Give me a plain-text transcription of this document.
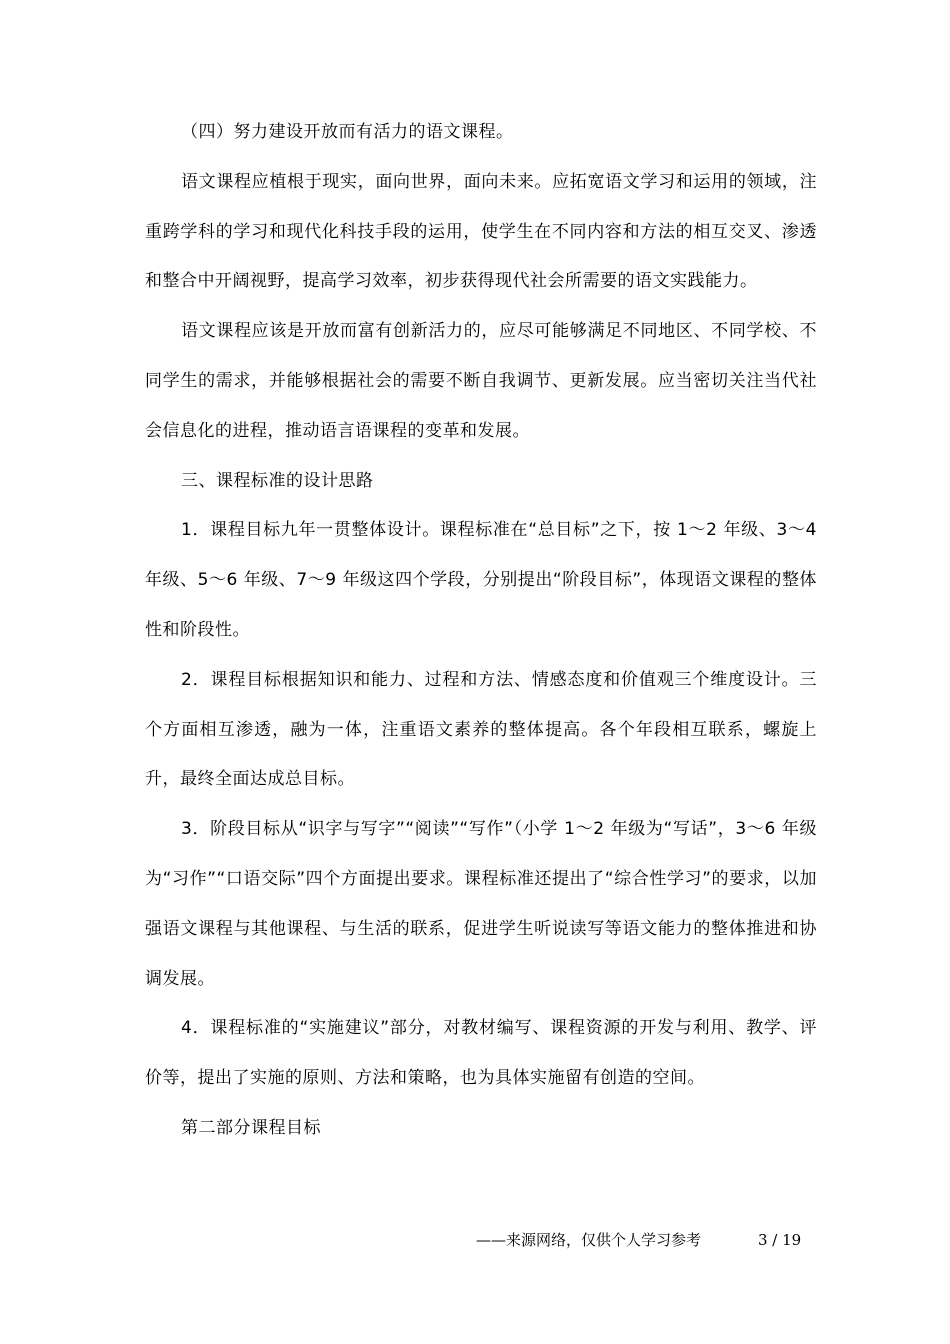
（四）努力建设开放而有活力的语文课程。

语文课程应植根于现实，面向世界，面向未来。应拓宽语文学习和运用的领域，注重跨学科的学习和现代化科技手段的运用，使学生在不同内容和方法的相互交叉、渗透和整合中开阔视野，提高学习效率，初步获得现代社会所需要的语文实践能力。

语文课程应该是开放而富有创新活力的，应尽可能够满足不同地区、不同学校、不同学生的需求，并能够根据社会的需要不断自我调节、更新发展。应当密切关注当代社会信息化的进程，推动语言语课程的变革和发展。

三、课程标准的设计思路

1．课程目标九年一贯整体设计。课程标准在“总目标”之下，按 1～2 年级、3～4 年级、5～6 年级、7～9 年级这四个学段，分别提出“阶段目标”，体现语文课程的整体性和阶段性。

2．课程目标根据知识和能力、过程和方法、情感态度和价值观三个维度设计。三个方面相互渗透，融为一体，注重语文素养的整体提高。各个年段相互联系，螺旋上升，最终全面达成总目标。

3．阶段目标从“识字与写字”“阅读”“写作”（小学 1～2 年级为“写话”，3～6 年级为“习作”“口语交际”四个方面提出要求。课程标准还提出了“综合性学习”的要求，以加强语文课程与其他课程、与生活的联系，促进学生听说读写等语文能力的整体推进和协调发展。

4．课程标准的“实施建议”部分，对教材编写、课程资源的开发与利用、教学、评价等，提出了实施的原则、方法和策略，也为具体实施留有创造的空间。

第二部分课程目标

——来源网络，仅供个人学习参考	3 / 19
